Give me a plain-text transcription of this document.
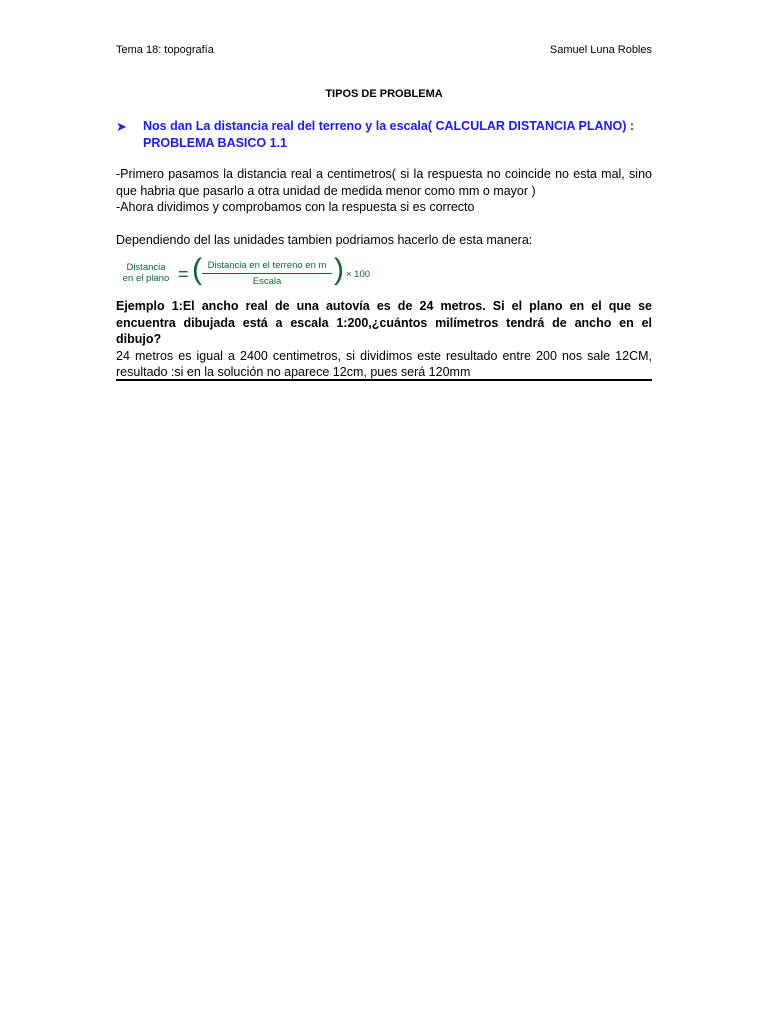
Tema 18: topografía	Samuel Luna Robles
TIPOS DE PROBLEMA
➤	Nos dan La distancia real del terreno y la escala( CALCULAR DISTANCIA PLANO) :
PROBLEMA BASICO 1.1

-Primero pasamos la distancia real a centimetros( si la respuesta no coincide no esta mal, sino que habria que pasarlo a otra unidad de medida menor como mm o mayor )

-Ahora dividimos y comprobamos con la respuesta si es correcto

Dependiendo del las unidades tambien podriamos hacerlo de esta manera:

Distancia
en el plano = ( Distancia en el terreno en m
Escala	) × 100

Ejemplo 1:El ancho real de una autovía es de 24 metros. Si el plano en el que se encuentra dibujada está a escala 1:200,¿cuántos milímetros tendrá de ancho en el dibujo?

24 metros es igual a 2400 centimetros, si dividimos este resultado entre 200 nos sale 12CM, resultado :si en la solución no aparece 12cm, pues será 120mm
